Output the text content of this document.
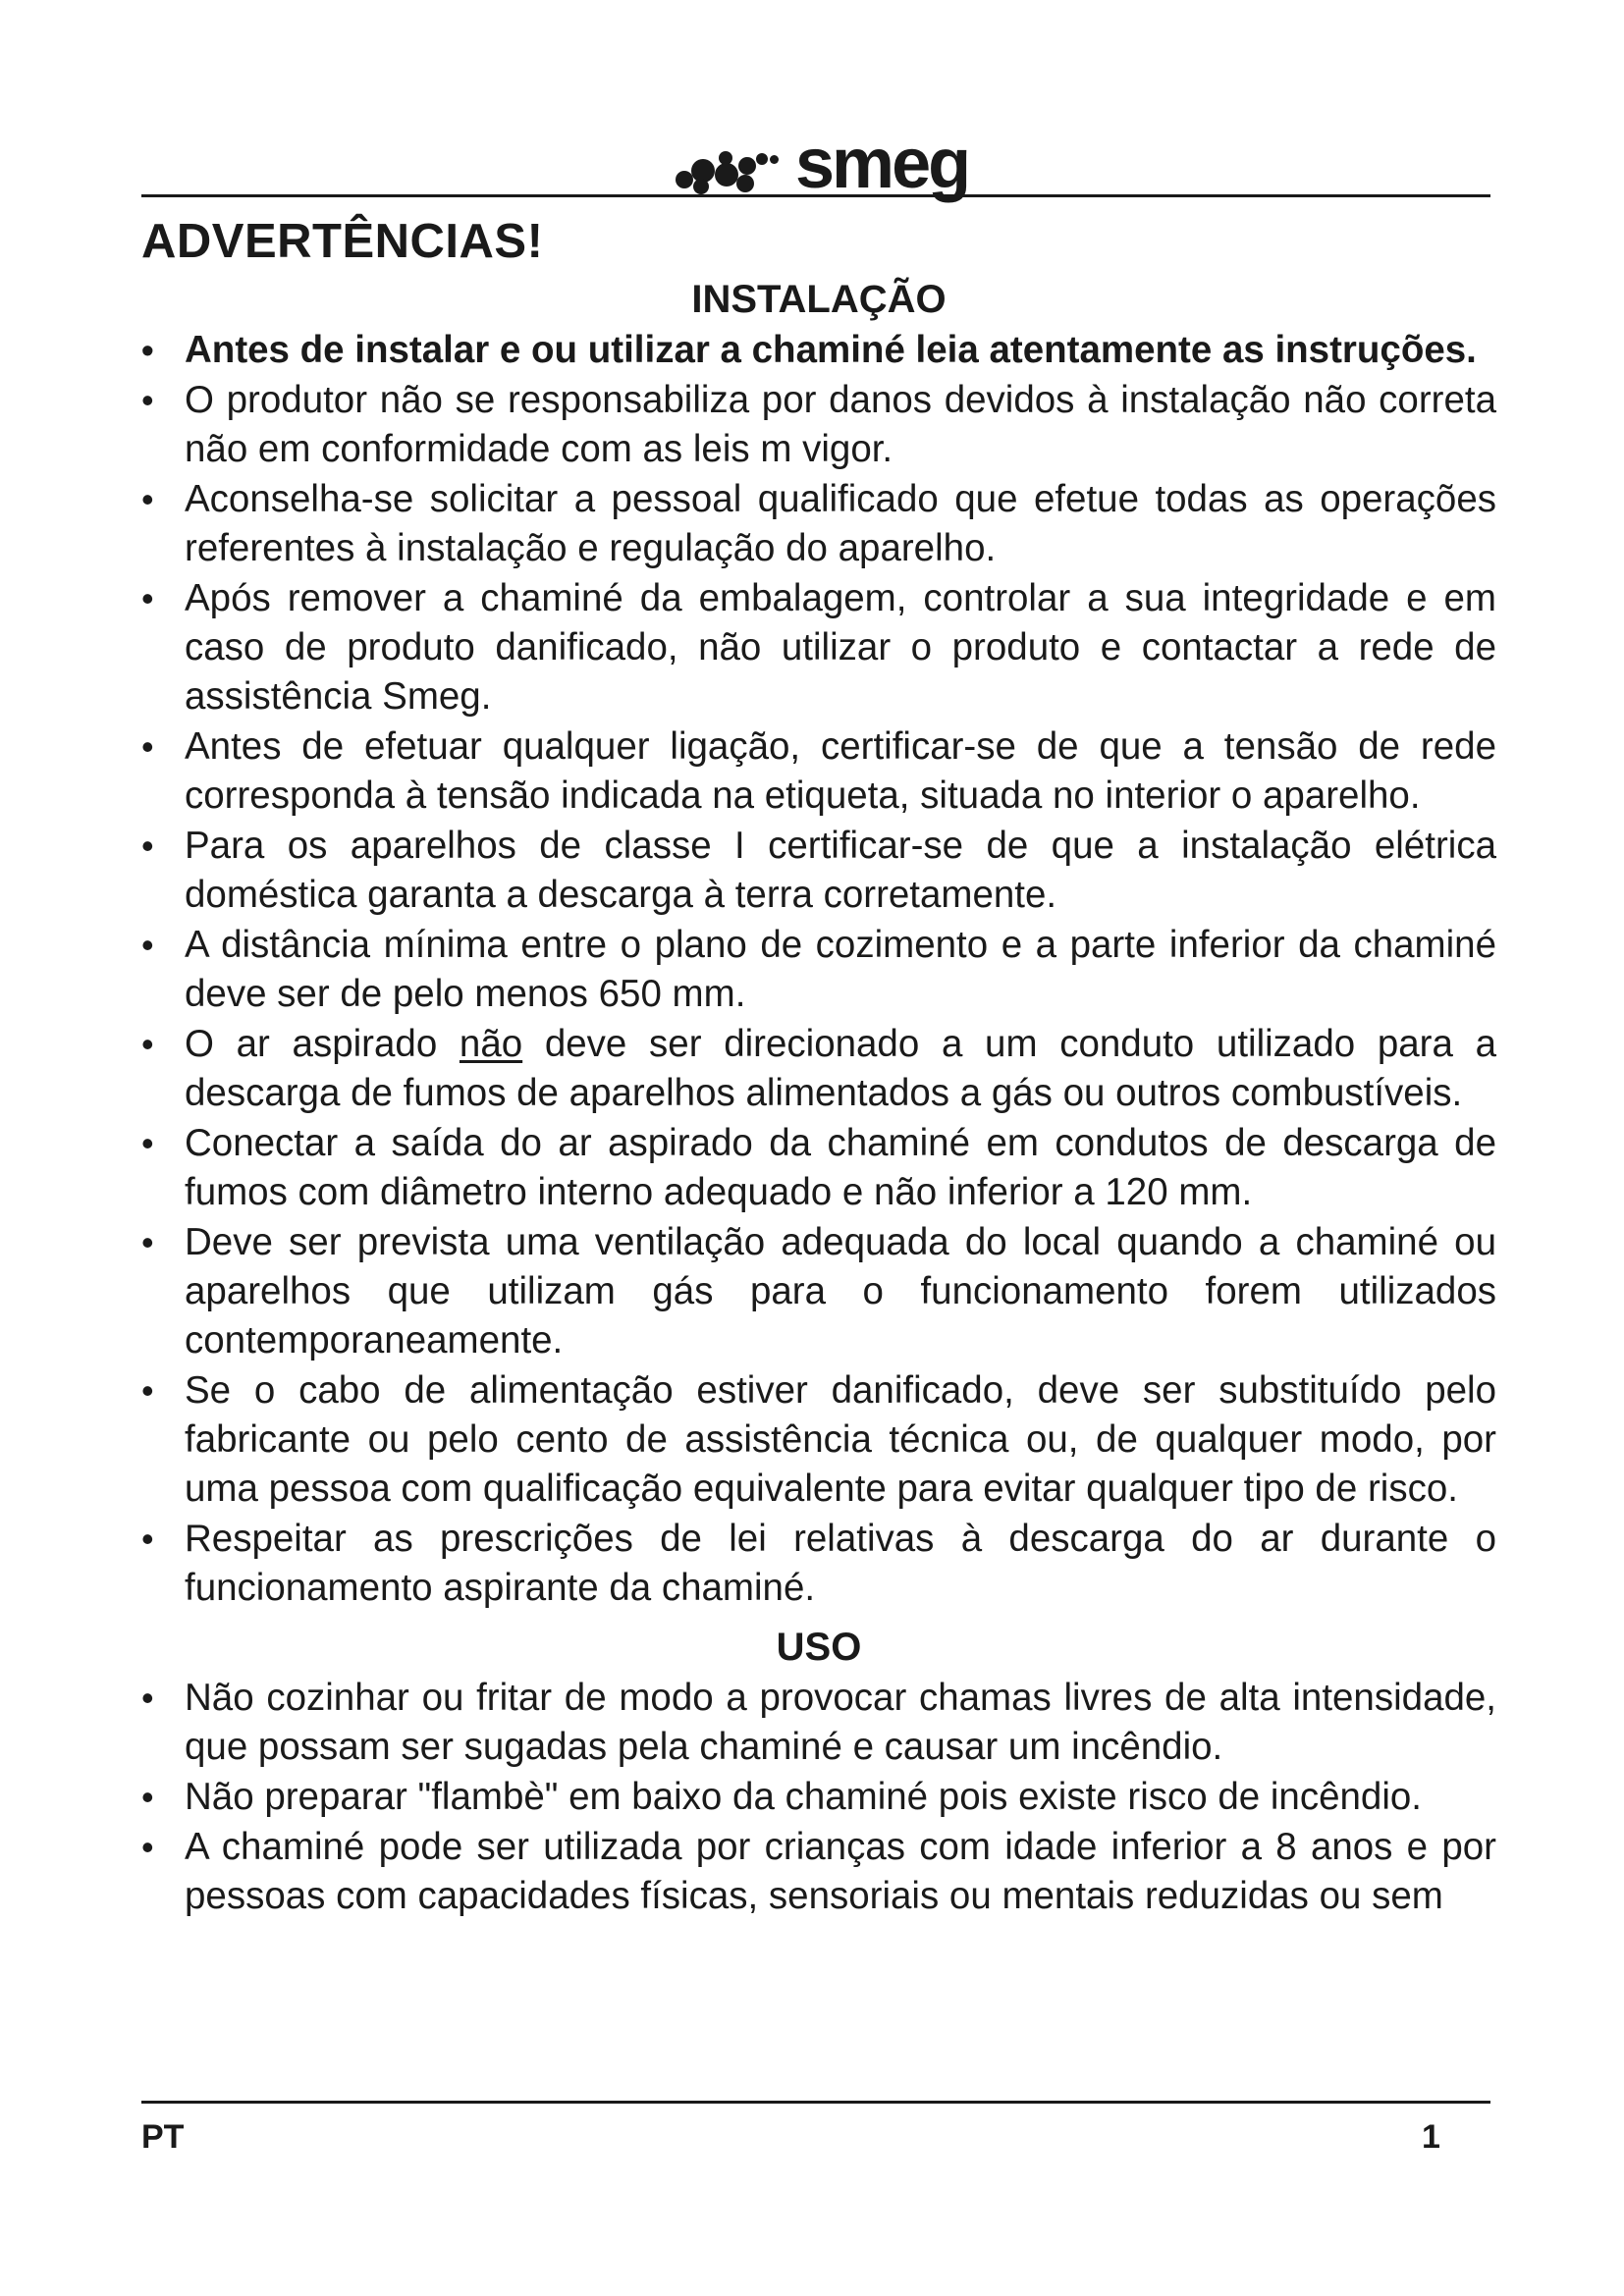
smeg
ADVERTÊNCIAS!
INSTALAÇÃO
• Antes de instalar e ou utilizar a chaminé leia atentamente as instruções.
• O produtor não se responsabiliza por danos devidos à instalação não correta não em conformidade com as leis m vigor.
• Aconselha-se solicitar a pessoal qualificado que efetue todas as operações referentes à instalação e regulação do aparelho.
• Após remover a chaminé da embalagem, controlar a sua integridade e em caso de produto danificado, não utilizar o produto e contactar a rede de assistência Smeg.
• Antes de efetuar qualquer ligação, certificar-se de que a tensão de rede corresponda à tensão indicada na etiqueta, situada no interior o aparelho.
• Para os aparelhos de classe I certificar-se de que a instalação elétrica doméstica garanta a descarga à terra corretamente.
• A distância mínima entre o plano de cozimento e a parte inferior da chaminé deve ser de pelo menos 650 mm.
• O ar aspirado não deve ser direcionado a um conduto utilizado para a descarga de fumos de aparelhos alimentados a gás ou outros combustíveis.
• Conectar a saída do ar aspirado da chaminé em condutos de descarga de fumos com diâmetro interno adequado e não inferior a 120 mm.
• Deve ser prevista uma ventilação adequada do local quando a chaminé ou aparelhos que utilizam gás para o funcionamento forem utilizados contemporaneamente.
• Se o cabo de alimentação estiver danificado, deve ser substituído pelo fabricante ou pelo cento de assistência técnica ou, de qualquer modo, por uma pessoa com qualificação equivalente para evitar qualquer tipo de risco.
• Respeitar as prescrições de lei relativas à descarga do ar durante o funcionamento aspirante da chaminé.
USO
• Não cozinhar ou fritar de modo a provocar chamas livres de alta intensidade, que possam ser sugadas pela chaminé e causar um incêndio.
• Não preparar "flambè" em baixo da chaminé pois existe risco de incêndio.
• A chaminé pode ser utilizada por crianças com idade inferior a 8 anos e por pessoas com capacidades físicas, sensoriais ou mentais reduzidas ou sem
PT	1
